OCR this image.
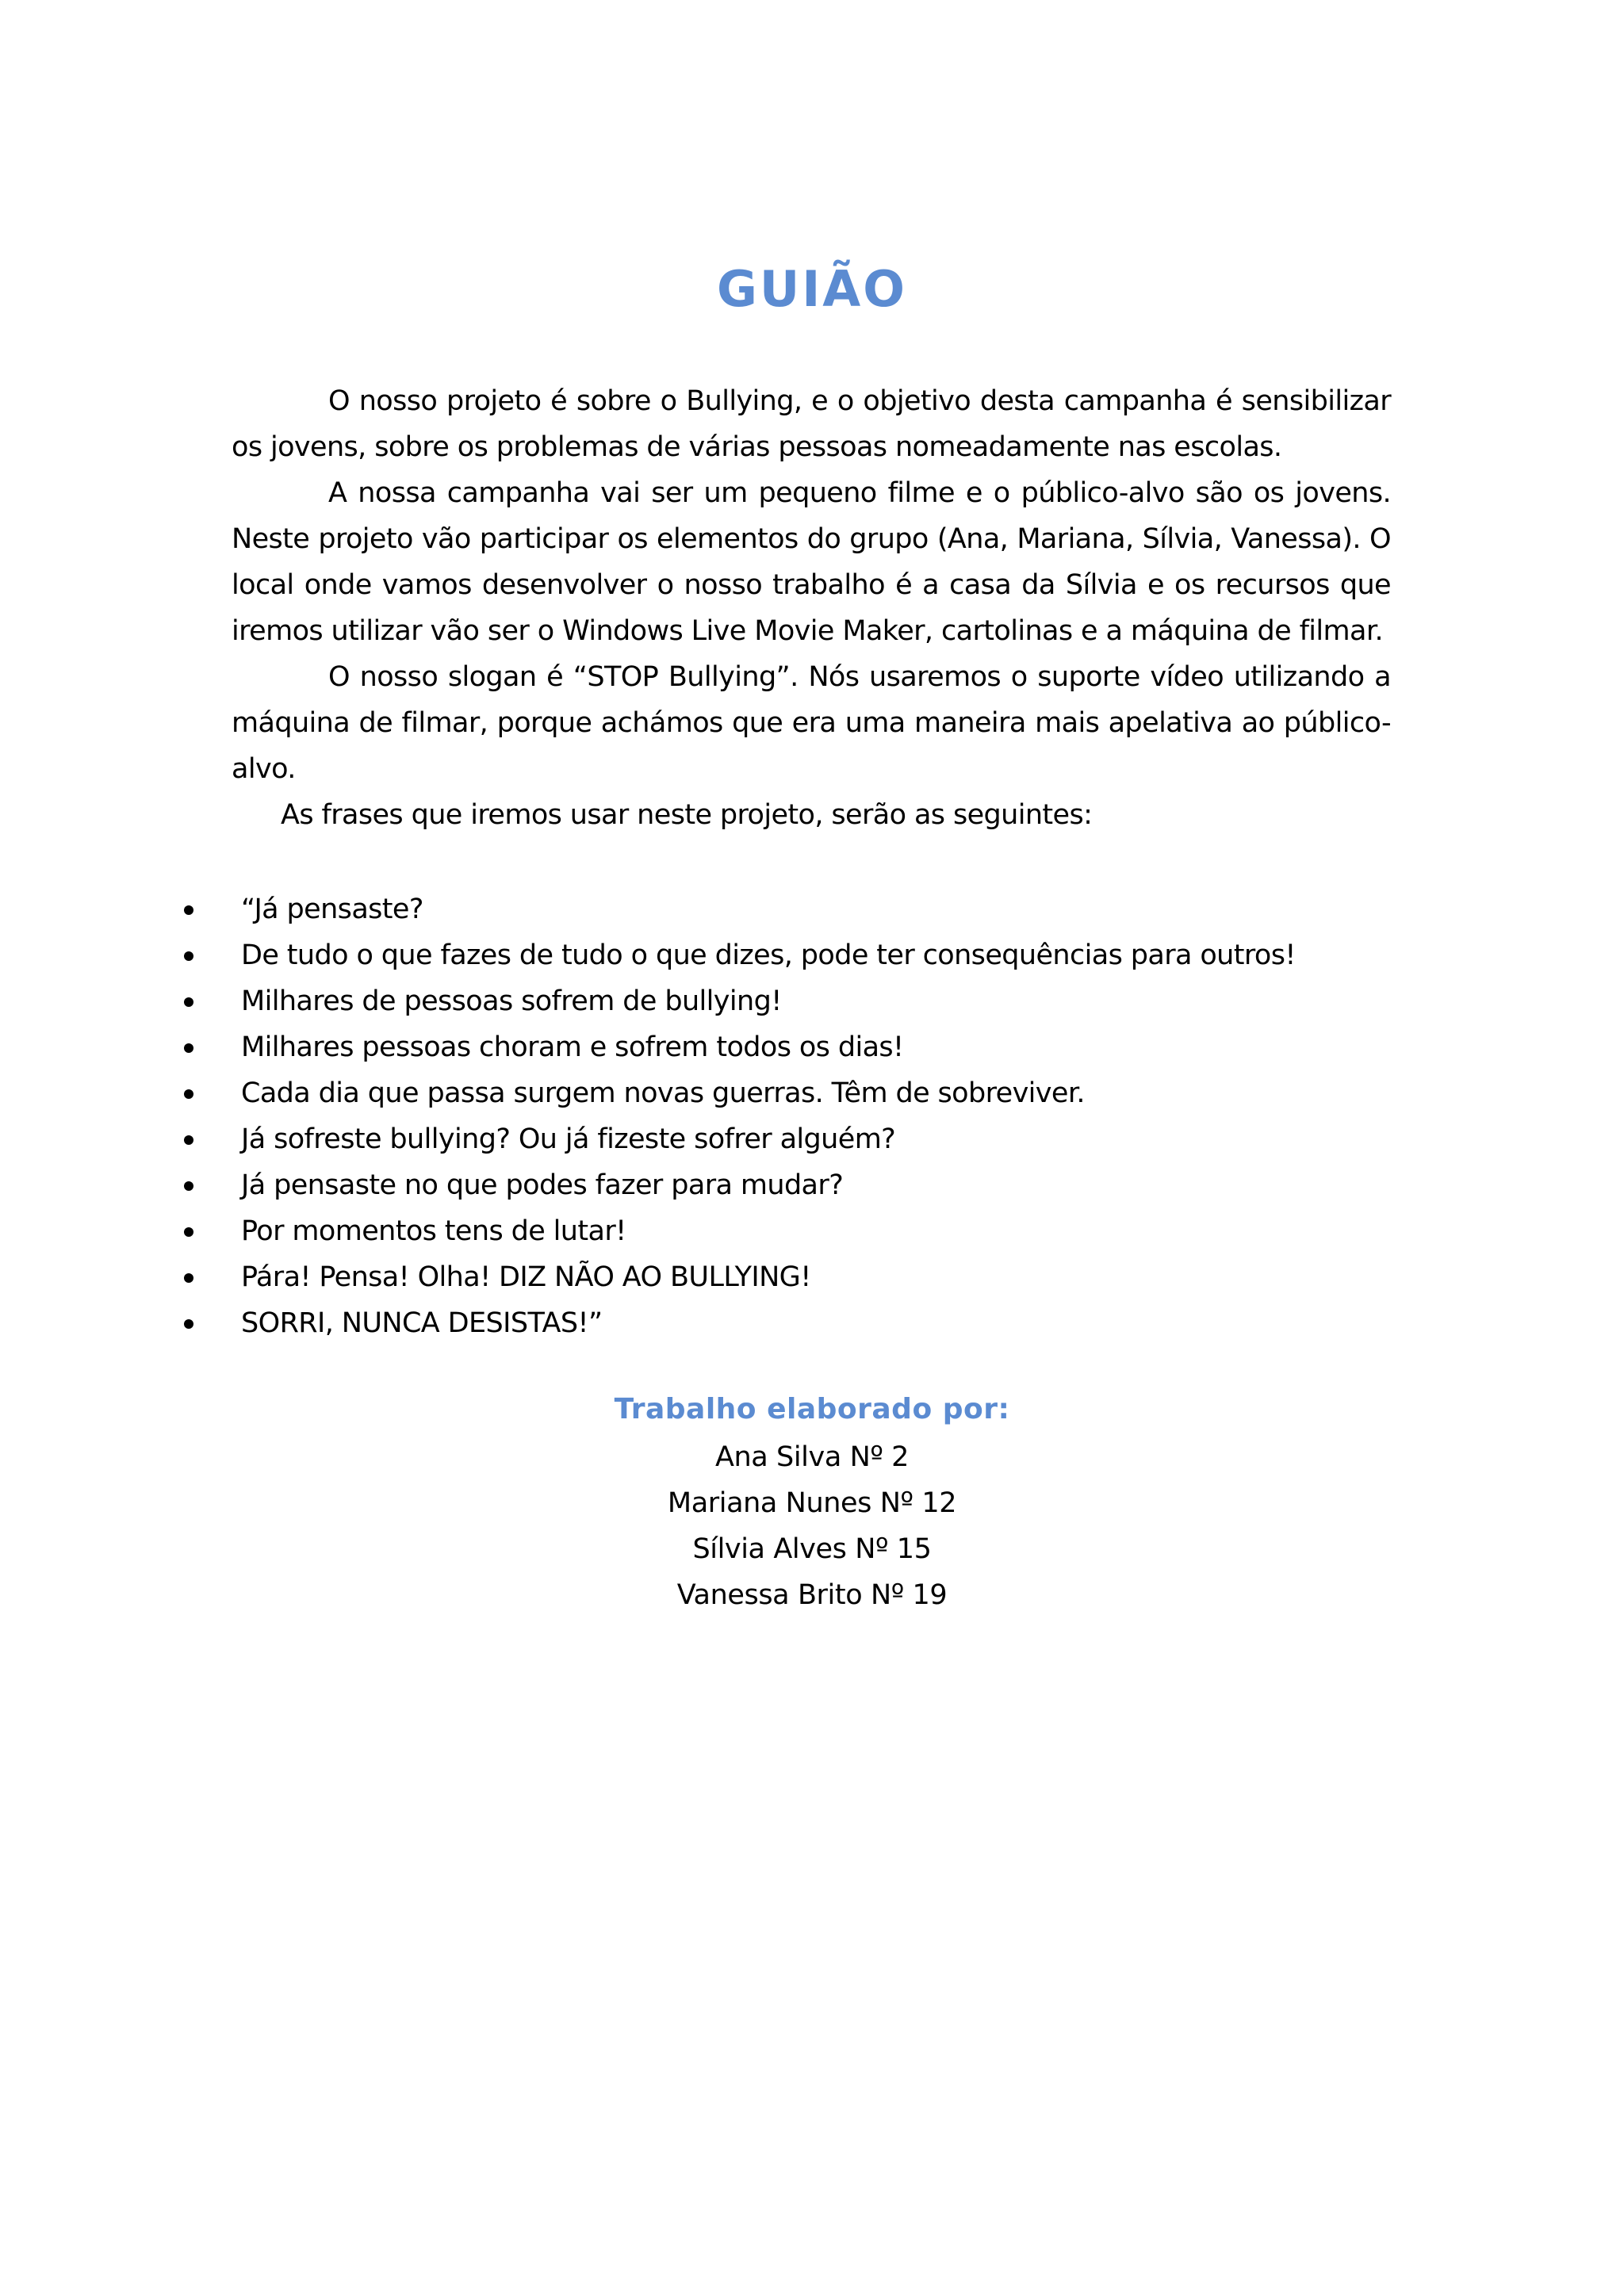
GUIÃO

O nosso projeto é sobre o Bullying, e o objetivo desta campanha é sensibilizar os jovens, sobre os problemas de várias pessoas nomeadamente nas escolas.

A nossa campanha vai ser um pequeno filme e o público-alvo são os jovens. Neste projeto vão participar os elementos do grupo (Ana, Mariana, Sílvia, Vanessa). O local onde vamos desenvolver o nosso trabalho é a casa da Sílvia e os recursos que iremos utilizar vão ser o Windows Live Movie Maker, cartolinas e a máquina de filmar.

O nosso slogan é “STOP Bullying”. Nós usaremos o suporte vídeo utilizando a máquina de filmar, porque achámos que era uma maneira mais apelativa ao público-alvo.

As frases que iremos usar neste projeto, serão as seguintes:

“Já pensaste?
De tudo o que fazes de tudo o que dizes, pode ter consequências para outros!
Milhares de pessoas sofrem de bullying!
Milhares pessoas choram e sofrem todos os dias!
Cada dia que passa surgem novas guerras. Têm de sobreviver.
Já sofreste bullying? Ou já fizeste sofrer alguém?
Já pensaste no que podes fazer para mudar?
Por momentos tens de lutar!
Pára! Pensa! Olha! DIZ NÃO AO BULLYING!
SORRI, NUNCA DESISTAS!”
Trabalho elaborado por:
Ana Silva Nº 2
Mariana Nunes Nº 12
Sílvia Alves Nº 15
Vanessa Brito Nº 19
